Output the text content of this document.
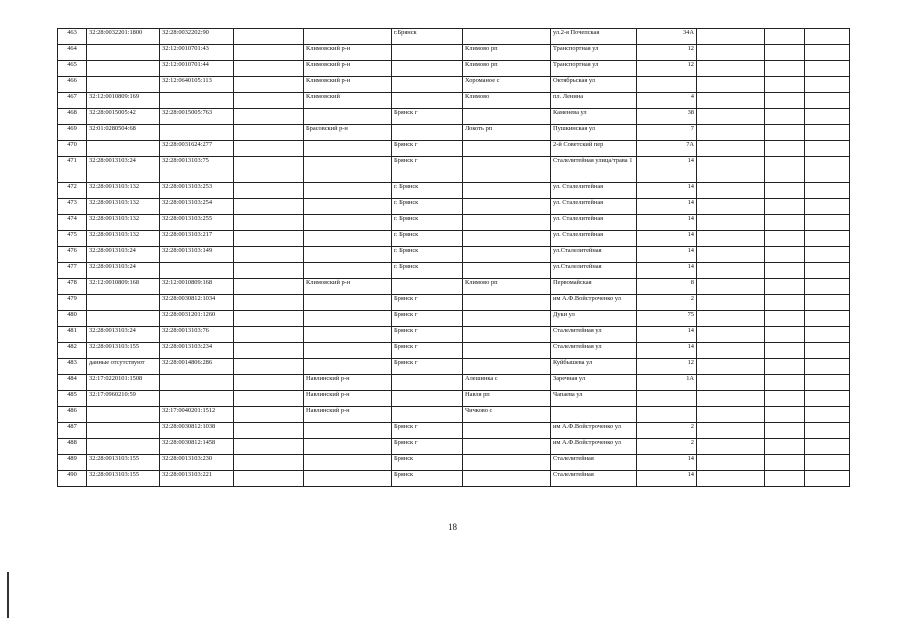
463	32:28:0032201:1800	32:28:0032202:90			г.Брянск		ул.2-я Почепская	34А			
464		32:12:0010701:43		Климовский р-н		Климово рп	Транспортная ул	12			
465		32:12:0010701:44		Климовский р-н		Климово рп	Транспортная ул	12			
466		32:12:0640105:113		Климовский р-н		Хороманое с	Октябрьская ул				
467	32:12:0010809:169			Климовский		Климово	пл. Ленина	4			
468	32:28:0015005:42	32:28:0015005:763			Брянск г		Каменева ул	38			
469	32:01:0280504:68			Брасовский р-н		Локоть рп	Пушкинская ул	7			
470		32:28:0031624:277			Брянск г		2-й Советский пер	7А			
471	32:28:0013103:24	32:28:0013103:75			Брянск г		Сталелитейная улица/трава 1	14			
472	32:28:0013103:132	32:28:0013103:253			г. Брянск		ул. Сталелитейная	14			
473	32:28:0013103:132	32:28:0013103:254			г. Брянск		ул. Сталелитейная	14			
474	32:28:0013103:132	32:28:0013103:255			г. Брянск		ул. Сталелитейная	14			
475	32:28:0013103:132	32:28:0013103:217			г. Брянск		ул. Сталелитейная	14			
476	32:28:0013103:24	32:28:0013103:149			г. Брянск		ул.Сталелитейная	14			
477	32:28:0013103:24				г. Брянск		ул.Сталелитейная	14			
478	32:12:0010809:168	32:12:0010809:168		Климовский р-н		Климово рп	Первомайская	8			
479		32:28:0030812:1034			Брянск г		им А.Ф.Войстроченко ул	2			
480		32:28:0031201:1260			Брянск г		Дуки ул	75			
481	32:28:0013103:24	32:28:0013103:76			Брянск г		Сталелитейная ул	14			
482	32:28:0013103:155	32:28:0013103:234			Брянск г		Сталелитейная ул	14			
483	данные отсутствуют	32:28:0014806:286			Брянск г		Куйбышева ул	12			
484	32:17:0220101:1508			Навлинский р-н		Алешинка с	Заречная ул	1А			
485	32:17:0960210:59			Навлинский р-н		Навля рп	Чапаева ул				
486		32:17:0040201:1512		Навлинский р-н		Чичково с					
487		32:28:0030812:1038			Брянск г		им А.Ф.Войстроченко ул	2			
488		32:28:0030812:1458			Брянск г		им А.Ф.Войстроченко ул	2			
489	32:28:0013103:155	32:28:0013103:230			Брянск		Сталелитейная	14			
490	32:28:0013103:155	32:28:0013103:221			Брянск		Сталелитейная	14			
18
